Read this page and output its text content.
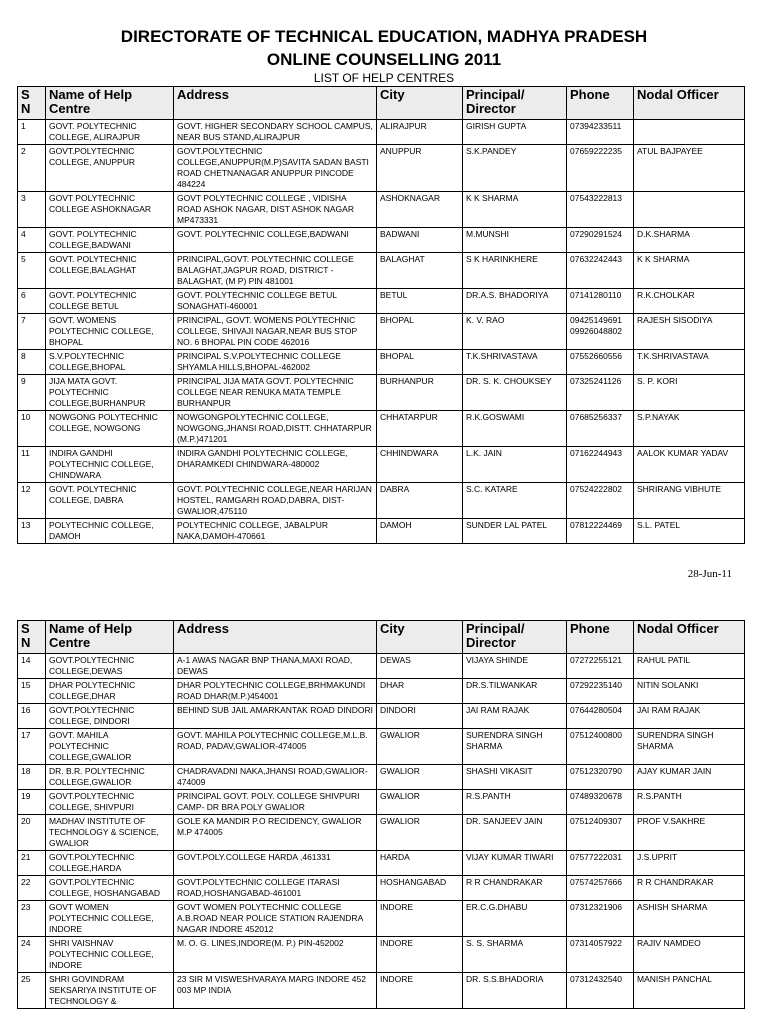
DIRECTORATE OF TECHNICAL EDUCATION, MADHYA PRADESH
ONLINE COUNSELLING 2011
LIST OF HELP CENTRES
S N	Name of Help Centre	Address	City	Principal/ Director	Phone	Nodal Officer
1	GOVT. POLYTECHNIC COLLEGE, ALIRAJPUR	GOVT. HIGHER SECONDARY SCHOOL CAMPUS, NEAR BUS STAND,ALIRAJPUR	ALIRAJPUR	GIRISH GUPTA	07394233511	
2	GOVT.POLYTECHNIC COLLEGE, ANUPPUR	GOVT.POLYTECHNIC COLLEGE,ANUPPUR(M.P)SAVITA SADAN BASTI ROAD CHETNANAGAR ANUPPUR PINCODE 484224	ANUPPUR	S.K.PANDEY	07659222235	ATUL BAJPAYEE
3	GOVT POLYTECHNIC COLLEGE ASHOKNAGAR	GOVT POLYTECHNIC COLLEGE , VIDISHA ROAD ASHOK NAGAR, DIST ASHOK NAGAR MP473331	ASHOKNAGAR	K K SHARMA	07543222813	
4	GOVT. POLYTECHNIC COLLEGE,BADWANI	GOVT. POLYTECHNIC COLLEGE,BADWANI	BADWANI	M.MUNSHI	07290291524	D.K.SHARMA
5	GOVT. POLYTECHNIC COLLEGE,BALAGHAT	PRINCIPAL,GOVT. POLYTECHNIC COLLEGE BALAGHAT,JAGPUR ROAD, DISTRICT - BALAGHAT, (M P) PIN 481001	BALAGHAT	S K HARINKHERE	07632242443	K K SHARMA
6	GOVT. POLYTECHNIC COLLEGE BETUL	GOVT. POLYTECHNIC COLLEGE BETUL SONAGHATI-460001	BETUL	DR.A.S. BHADORIYA	07141280110	R.K.CHOLKAR
7	GOVT. WOMENS POLYTECHNIC COLLEGE, BHOPAL	PRINCIPAL, GOVT. WOMENS POLYTECHNIC COLLEGE, SHIVAJI NAGAR,NEAR BUS STOP NO. 6 BHOPAL PIN CODE 462016	BHOPAL	K. V. RAO	09425149691 09926048802	RAJESH SISODIYA
8	S.V.POLYTECHNIC COLLEGE,BHOPAL	PRINCIPAL S.V.POLYTECHNIC COLLEGE SHYAMLA HILLS,BHOPAL-462002	BHOPAL	T.K.SHRIVASTAVA	07552660556	T.K.SHRIVASTAVA
9	JIJA MATA GOVT. POLYTECHNIC COLLEGE,BURHANPUR	PRINCIPAL JIJA MATA GOVT. POLYTECHNIC COLLEGE NEAR RENUKA MATA TEMPLE BURHANPUR	BURHANPUR	DR. S. K. CHOUKSEY	07325241126	S. P. KORI
10	NOWGONG POLYTECHNIC COLLEGE, NOWGONG	NOWGONGPOLYTECHNIC COLLEGE, NOWGONG,JHANSI ROAD,DISTT. CHHATARPUR (M.P.)471201	CHHATARPUR	R.K.GOSWAMI	07685256337	S.P.NAYAK
11	INDIRA GANDHI POLYTECHNIC COLLEGE, CHINDWARA	INDIRA GANDHI POLYTECHNIC COLLEGE, DHARAMKEDI CHINDWARA-480002	CHHINDWARA	L.K. JAIN	07162244943	AALOK KUMAR YADAV
12	GOVT. POLYTECHNIC COLLEGE, DABRA	GOVT. POLYTECHNIC COLLEGE,NEAR HARIJAN HOSTEL, RAMGARH ROAD,DABRA, DIST-GWALIOR,475110	DABRA	S.C. KATARE	07524222802	SHRIRANG VIBHUTE
13	POLYTECHNIC COLLEGE, DAMOH	POLYTECHNIC COLLEGE, JABALPUR NAKA,DAMOH-470661	DAMOH	SUNDER LAL PATEL	07812224469	S.L. PATEL
28-Jun-11
S N	Name of Help Centre	Address	City	Principal/ Director	Phone	Nodal Officer
14	GOVT.POLYTECHNIC COLLEGE,DEWAS	A-1 AWAS NAGAR BNP THANA,MAXI ROAD, DEWAS	DEWAS	VIJAYA SHINDE	07272255121	RAHUL PATIL
15	DHAR POLYTECHNIC COLLEGE,DHAR	DHAR POLYTECHNIC COLLEGE,BRHMAKUNDI ROAD DHAR(M.P.)454001	DHAR	DR.S.TILWANKAR	07292235140	NITIN SOLANKI
16	GOVT.POLYTECHNIC COLLEGE, DINDORI	BEHIND SUB JAIL AMARKANTAK ROAD DINDORI	DINDORI	JAI RAM RAJAK	07644280504	JAI RAM RAJAK
17	GOVT. MAHILA POLYTECHNIC COLLEGE,GWALIOR	GOVT. MAHILA POLYTECHNIC COLLEGE,M.L.B. ROAD, PADAV,GWALIOR-474005	GWALIOR	SURENDRA SINGH SHARMA	07512400800	SURENDRA SINGH SHARMA
18	DR. B.R. POLYTECHNIC COLLEGE,GWALIOR	CHADRAVADNI NAKA,JHANSI ROAD,GWALIOR-474009	GWALIOR	SHASHI VIKASIT	07512320790	AJAY KUMAR JAIN
19	GOVT.POLYTECHNIC COLLEGE, SHIVPURI	PRINCIPAL GOVT. POLY. COLLEGE SHIVPURI CAMP- DR BRA POLY GWALIOR	GWALIOR	R.S.PANTH	07489320678	R.S.PANTH
20	MADHAV INSTITUTE OF TECHNOLOGY & SCIENCE, GWALIOR	GOLE KA MANDIR P.O RECIDENCY, GWALIOR M.P 474005	GWALIOR	DR. SANJEEV JAIN	07512409307	PROF V.SAKHRE
21	GOVT.POLYTECHNIC COLLEGE,HARDA	GOVT.POLY.COLLEGE HARDA ,461331	HARDA	VIJAY KUMAR TIWARI	07577222031	J.S.UPRIT
22	GOVT.POLYTECHNIC COLLEGE, HOSHANGABAD	GOVT.POLYTECHNIC COLLEGE ITARASI ROAD,HOSHANGABAD-461001	HOSHANGABAD	R R CHANDRAKAR	07574257666	R R CHANDRAKAR
23	GOVT WOMEN POLYTECHNIC COLLEGE, INDORE	GOVT WOMEN POLYTECHNIC COLLEGE A.B.ROAD NEAR POLICE STATION RAJENDRA NAGAR INDORE 452012	INDORE	ER.C.G.DHABU	07312321906	ASHISH SHARMA
24	SHRI VAISHNAV POLYTECHNIC COLLEGE, INDORE	M. O. G. LINES,INDORE(M. P.) PIN-452002	INDORE	S. S. SHARMA	07314057922	RAJIV NAMDEO
25	SHRI GOVINDRAM SEKSARIYA INSTITUTE OF TECHNOLOGY &	23 SIR M VISWESHVARAYA MARG INDORE 452 003 MP INDIA	INDORE	DR. S.S.BHADORIA	07312432540	MANISH PANCHAL
